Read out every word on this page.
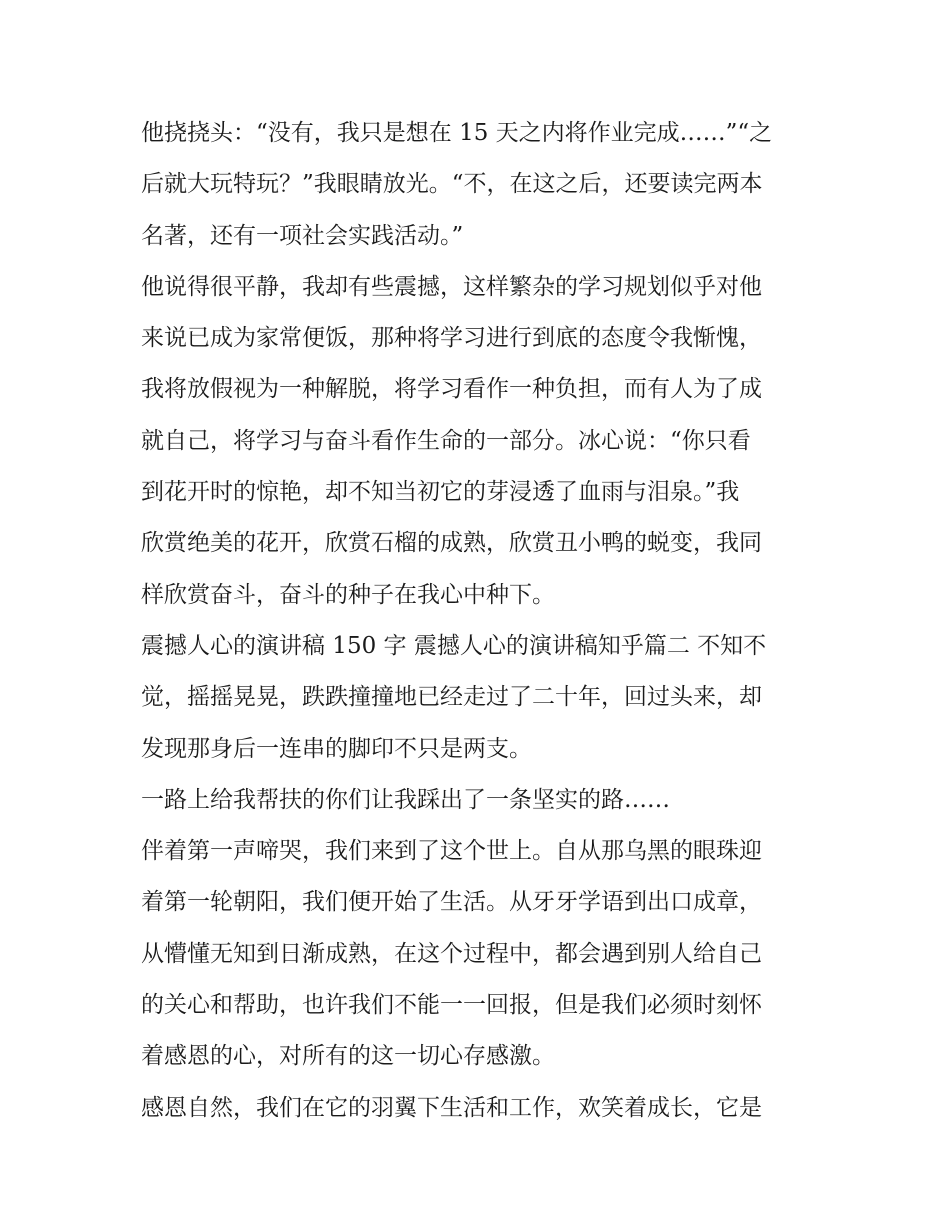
他挠挠头：“没有，我只是想在 15 天之内将作业完成……”“之
后就大玩特玩？”我眼睛放光。“不，在这之后，还要读完两本
名著，还有一项社会实践活动。”
他说得很平静，我却有些震撼，这样繁杂的学习规划似乎对他
来说已成为家常便饭，那种将学习进行到底的态度令我惭愧，
我将放假视为一种解脱，将学习看作一种负担，而有人为了成
就自己，将学习与奋斗看作生命的一部分。冰心说：“你只看
到花开时的惊艳，却不知当初它的芽浸透了血雨与泪泉。”我
欣赏绝美的花开，欣赏石榴的成熟，欣赏丑小鸭的蜕变，我同
样欣赏奋斗，奋斗的种子在我心中种下。
震撼人心的演讲稿 150 字 震撼人心的演讲稿知乎篇二 不知不
觉，摇摇晃晃，跌跌撞撞地已经走过了二十年，回过头来，却
发现那身后一连串的脚印不只是两支。
一路上给我帮扶的你们让我踩出了一条坚实的路……
伴着第一声啼哭，我们来到了这个世上。自从那乌黑的眼珠迎
着第一轮朝阳，我们便开始了生活。从牙牙学语到出口成章，
从懵懂无知到日渐成熟，在这个过程中，都会遇到别人给自己
的关心和帮助，也许我们不能一一回报，但是我们必须时刻怀
着感恩的心，对所有的这一切心存感激。
感恩自然，我们在它的羽翼下生活和工作，欢笑着成长，它是
